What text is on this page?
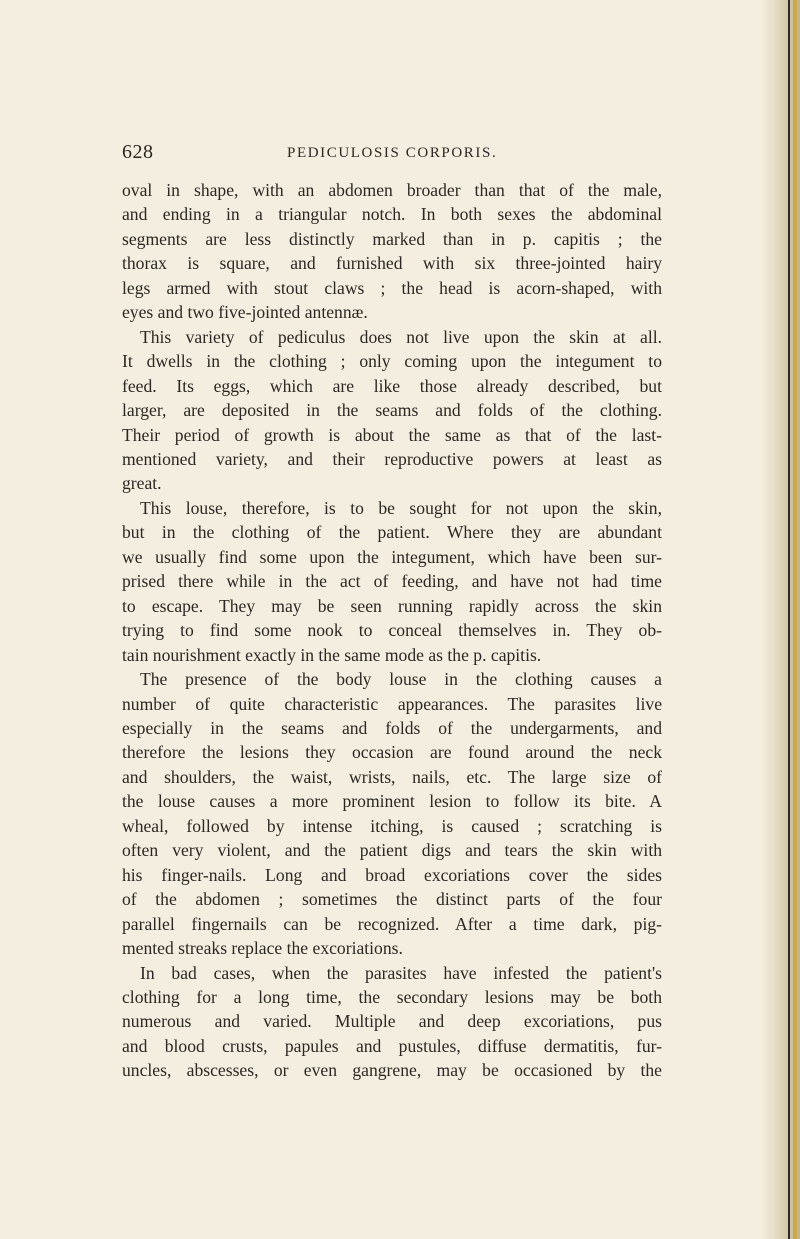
628	PEDICULOSIS CORPORIS.
oval in shape, with an abdomen broader than that of the male,
and ending in a triangular notch. In both sexes the abdominal
segments are less distinctly marked than in p. capitis ; the
thorax is square, and furnished with six three-jointed hairy
legs armed with stout claws ; the head is acorn-shaped, with
eyes and two five-jointed antennæ.
This variety of pediculus does not live upon the skin at all.
It dwells in the clothing ; only coming upon the integument to
feed. Its eggs, which are like those already described, but
larger, are deposited in the seams and folds of the clothing.
Their period of growth is about the same as that of the last-
mentioned variety, and their reproductive powers at least as
great.
This louse, therefore, is to be sought for not upon the skin,
but in the clothing of the patient. Where they are abundant
we usually find some upon the integument, which have been sur-
prised there while in the act of feeding, and have not had time
to escape. They may be seen running rapidly across the skin
trying to find some nook to conceal themselves in. They ob-
tain nourishment exactly in the same mode as the p. capitis.
The presence of the body louse in the clothing causes a
number of quite characteristic appearances. The parasites live
especially in the seams and folds of the undergarments, and
therefore the lesions they occasion are found around the neck
and shoulders, the waist, wrists, nails, etc. The large size of
the louse causes a more prominent lesion to follow its bite. A
wheal, followed by intense itching, is caused ; scratching is
often very violent, and the patient digs and tears the skin with
his finger-nails. Long and broad excoriations cover the sides
of the abdomen ; sometimes the distinct parts of the four
parallel fingernails can be recognized. After a time dark, pig-
mented streaks replace the excoriations.
In bad cases, when the parasites have infested the patient's
clothing for a long time, the secondary lesions may be both
numerous and varied. Multiple and deep excoriations, pus
and blood crusts, papules and pustules, diffuse dermatitis, fur-
uncles, abscesses, or even gangrene, may be occasioned by the
